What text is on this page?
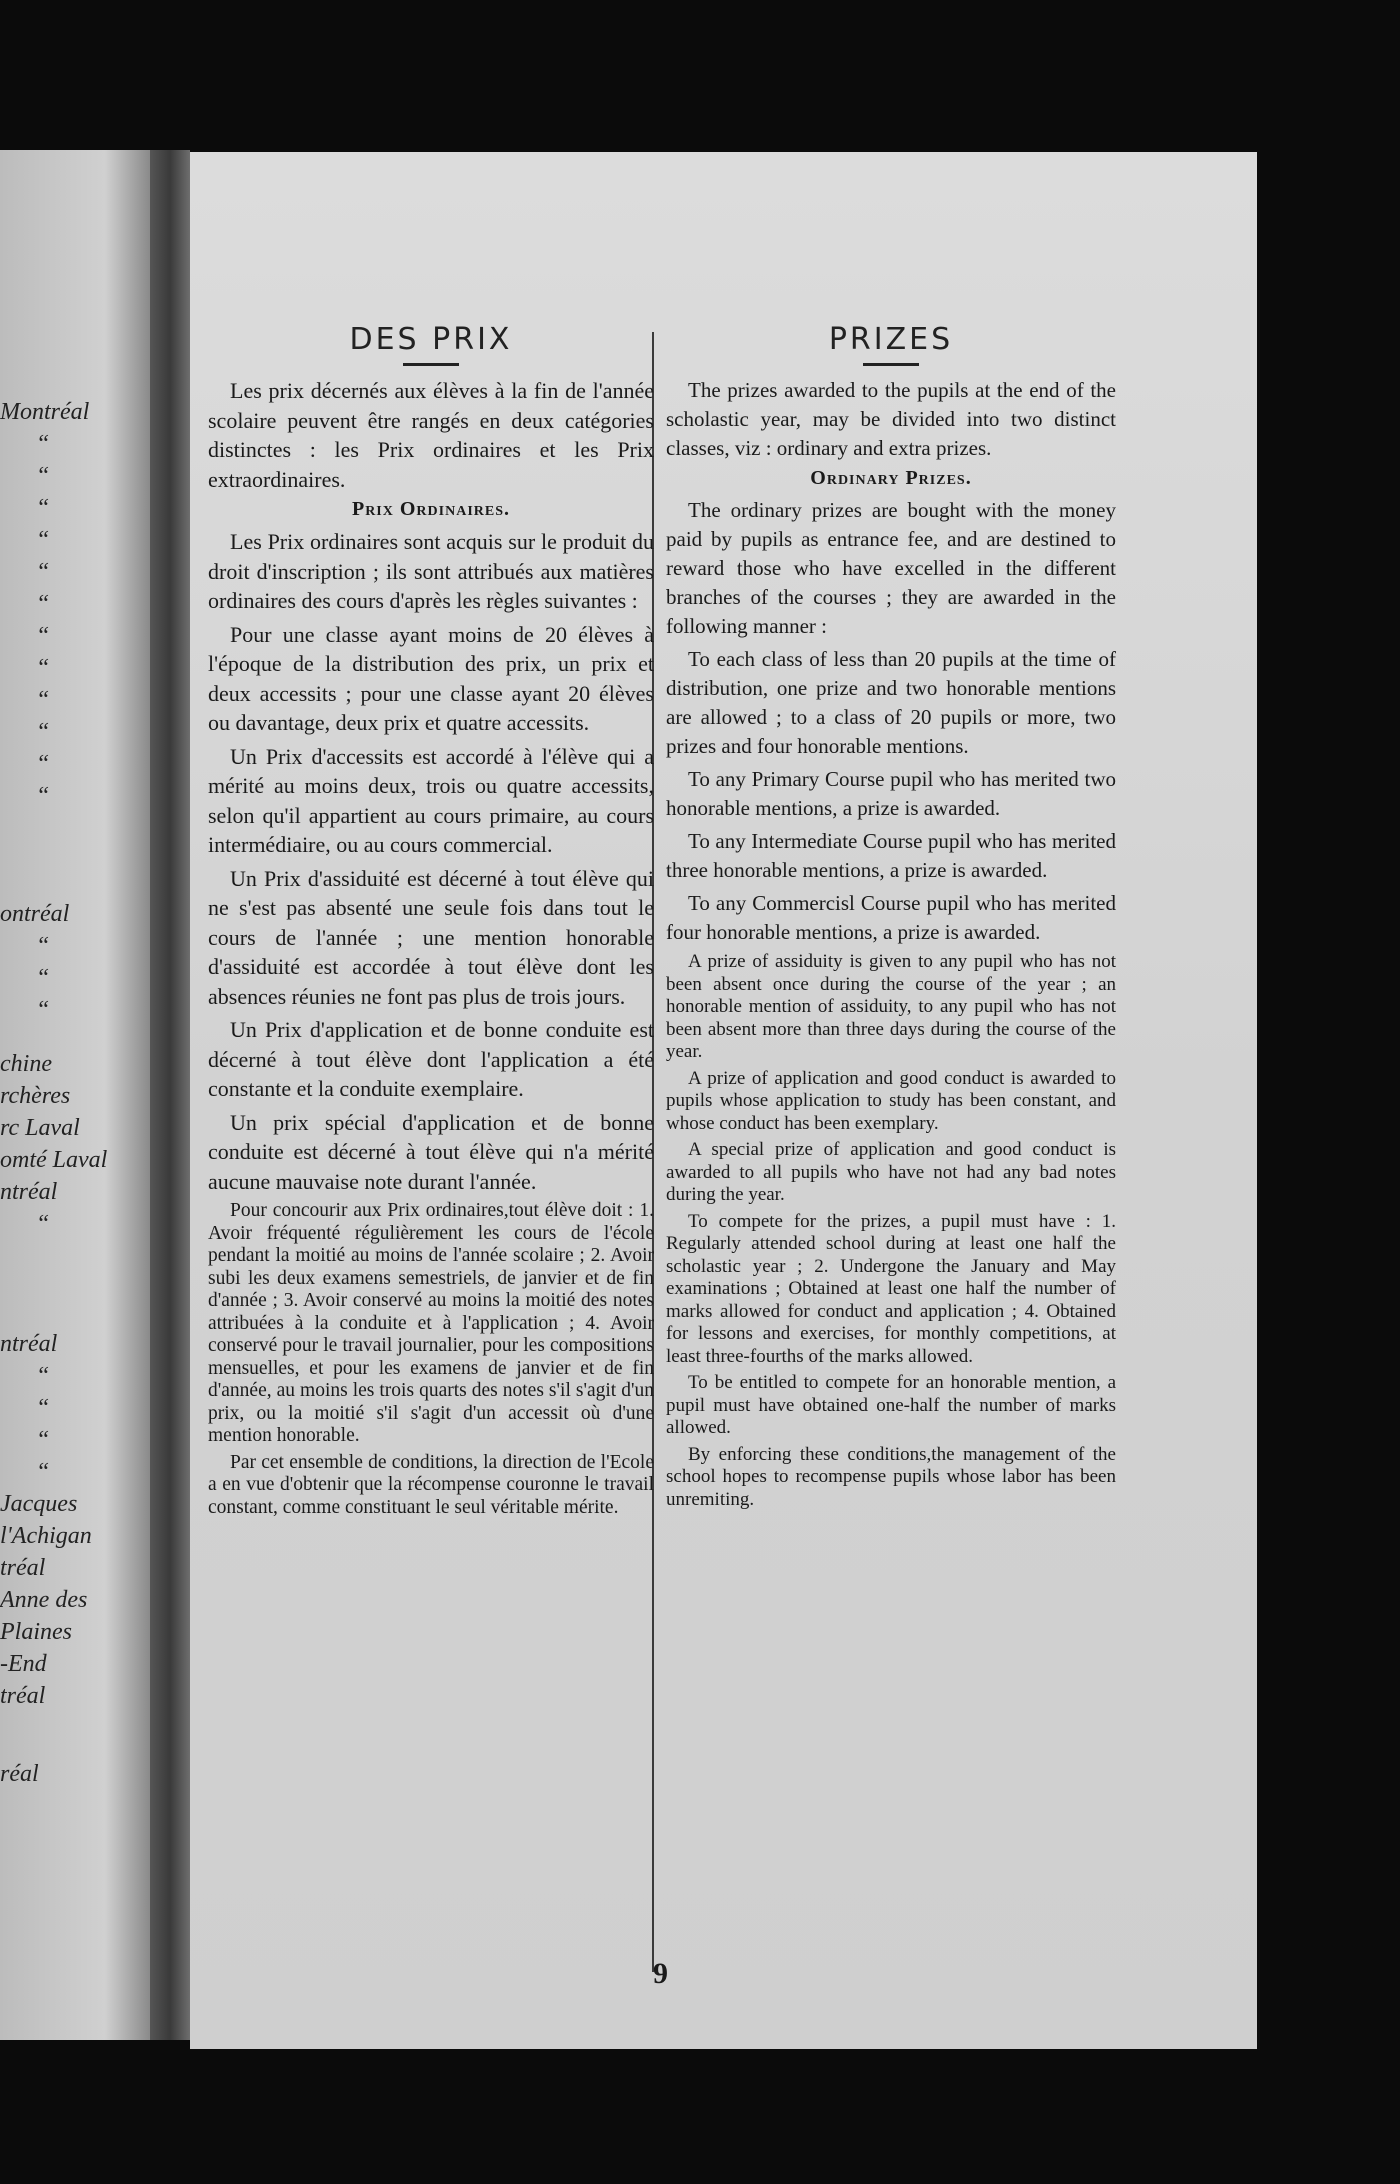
Montréal
“
“
“
“
“
“
“
“
“
“
“
“
ontréal
“
“
“
chine
rchères
rc Laval
omté Laval
ntréal
“
ntréal
“
“
“
“
Jacques
l'Achigan
tréal
Anne des
Plaines
-End
tréal
réal
DES PRIX

Les prix décernés aux élèves à la fin de l'année scolaire peuvent être rangés en deux catégories distinctes : les Prix ordinaires et les Prix extraordinaires.

Prix Ordinaires.

Les Prix ordinaires sont acquis sur le produit du droit d'inscription ; ils sont attribués aux matières ordinaires des cours d'après les règles suivantes :

Pour une classe ayant moins de 20 élèves à l'époque de la distribution des prix, un prix et deux accessits ; pour une classe ayant 20 élèves ou davantage, deux prix et quatre accessits.

Un Prix d'accessits est accordé à l'élève qui a mérité au moins deux, trois ou quatre accessits, selon qu'il appartient au cours primaire, au cours intermédiaire, ou au cours commercial.

Un Prix d'assiduité est décerné à tout élève qui ne s'est pas absenté une seule fois dans tout le cours de l'année ; une mention honorable d'assiduité est accordée à tout élève dont les absences réunies ne font pas plus de trois jours.

Un Prix d'application et de bonne conduite est décerné à tout élève dont l'application a été constante et la conduite exemplaire.

Un prix spécial d'application et de bonne conduite est décerné à tout élève qui n'a mérité aucune mauvaise note durant l'année.

Pour concourir aux Prix ordinaires,tout élève doit : 1. Avoir fréquenté régulièrement les cours de l'école pendant la moitié au moins de l'année scolaire ; 2. Avoir subi les deux examens semestriels, de janvier et de fin d'année ; 3. Avoir conservé au moins la moitié des notes attribuées à la conduite et à l'application ; 4. Avoir conservé pour le travail journalier, pour les compositions mensuelles, et pour les examens de janvier et de fin d'année, au moins les trois quarts des notes s'il s'agit d'un prix, ou la moitié s'il s'agit d'un accessit où d'une mention honorable.

Par cet ensemble de conditions, la direction de l'Ecole a en vue d'obtenir que la récompense couronne le travail constant, comme constituant le seul véritable mérite.

PRIZES

The prizes awarded to the pupils at the end of the scholastic year, may be divided into two distinct classes, viz : ordinary and extra prizes.

Ordinary Prizes.

The ordinary prizes are bought with the money paid by pupils as entrance fee, and are destined to reward those who have excelled in the different branches of the courses ; they are awarded in the following manner :

To each class of less than 20 pupils at the time of distribution, one prize and two honorable mentions are allowed ; to a class of 20 pupils or more, two prizes and four honorable mentions.

To any Primary Course pupil who has merited two honorable mentions, a prize is awarded.

To any Intermediate Course pupil who has merited three honorable mentions, a prize is awarded.

To any Commercisl Course pupil who has merited four honorable mentions, a prize is awarded.

A prize of assiduity is given to any pupil who has not been absent once during the course of the year ; an honorable mention of assiduity, to any pupil who has not been absent more than three days during the course of the year.

A prize of application and good conduct is awarded to pupils whose application to study has been constant, and whose conduct has been exemplary.

A special prize of application and good conduct is awarded to all pupils who have not had any bad notes during the year.

To compete for the prizes, a pupil must have : 1. Regularly attended school during at least one half the scholastic year ; 2. Undergone the January and May examinations ; Obtained at least one half the number of marks allowed for conduct and application ; 4. Obtained for lessons and exercises, for monthly competitions, at least three-fourths of the marks allowed.

To be entitled to compete for an honorable mention, a pupil must have obtained one-half the number of marks allowed.

By enforcing these conditions,the management of the school hopes to recompense pupils whose labor has been unremiting.

9
